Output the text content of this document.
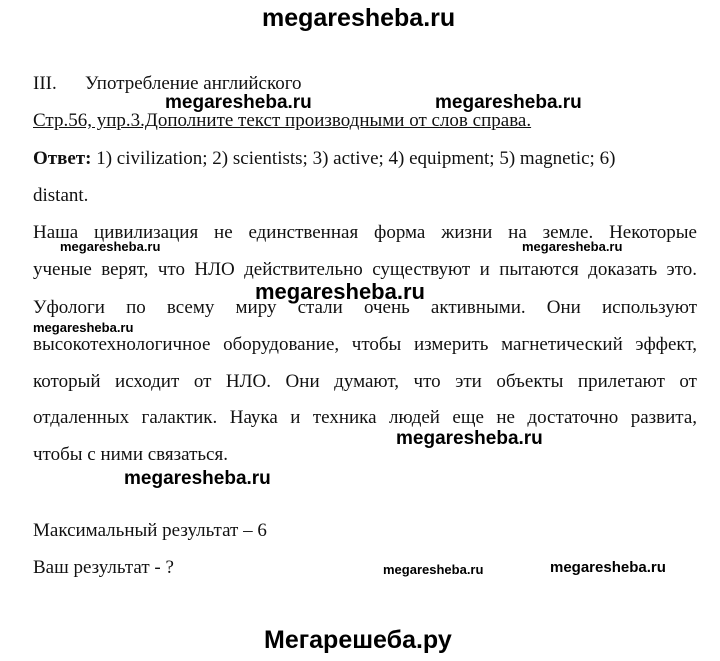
megaresheba.ru
III. Употребление английского
megaresheba.ru	megaresheba.ru
Стр.56, упр.3.Дополните текст производными от слов справа.
Ответ: 1) civilization; 2) scientists; 3) active; 4) equipment; 5) magnetic; 6)
distant.
Наша цивилизация не единственная форма жизни на земле. Некоторые
megaresheba.ru	megaresheba.ru
ученые верят, что НЛО действительно существуют и пытаются доказать это.
megaresheba.ru
Уфологи по всему миру стали очень активными. Они используют
megaresheba.ru
высокотехнологичное оборудование, чтобы измерить магнетический эффект,
который исходит от НЛО. Они думают, что эти объекты прилетают от
отдаленных галактик. Наука и техника людей еще не достаточно развита,
megaresheba.ru
чтобы с ними связаться.
megaresheba.ru
Максимальный результат – 6
Ваш результат - ?	megaresheba.ru	megaresheba.ru
Мегарешеба.ру
